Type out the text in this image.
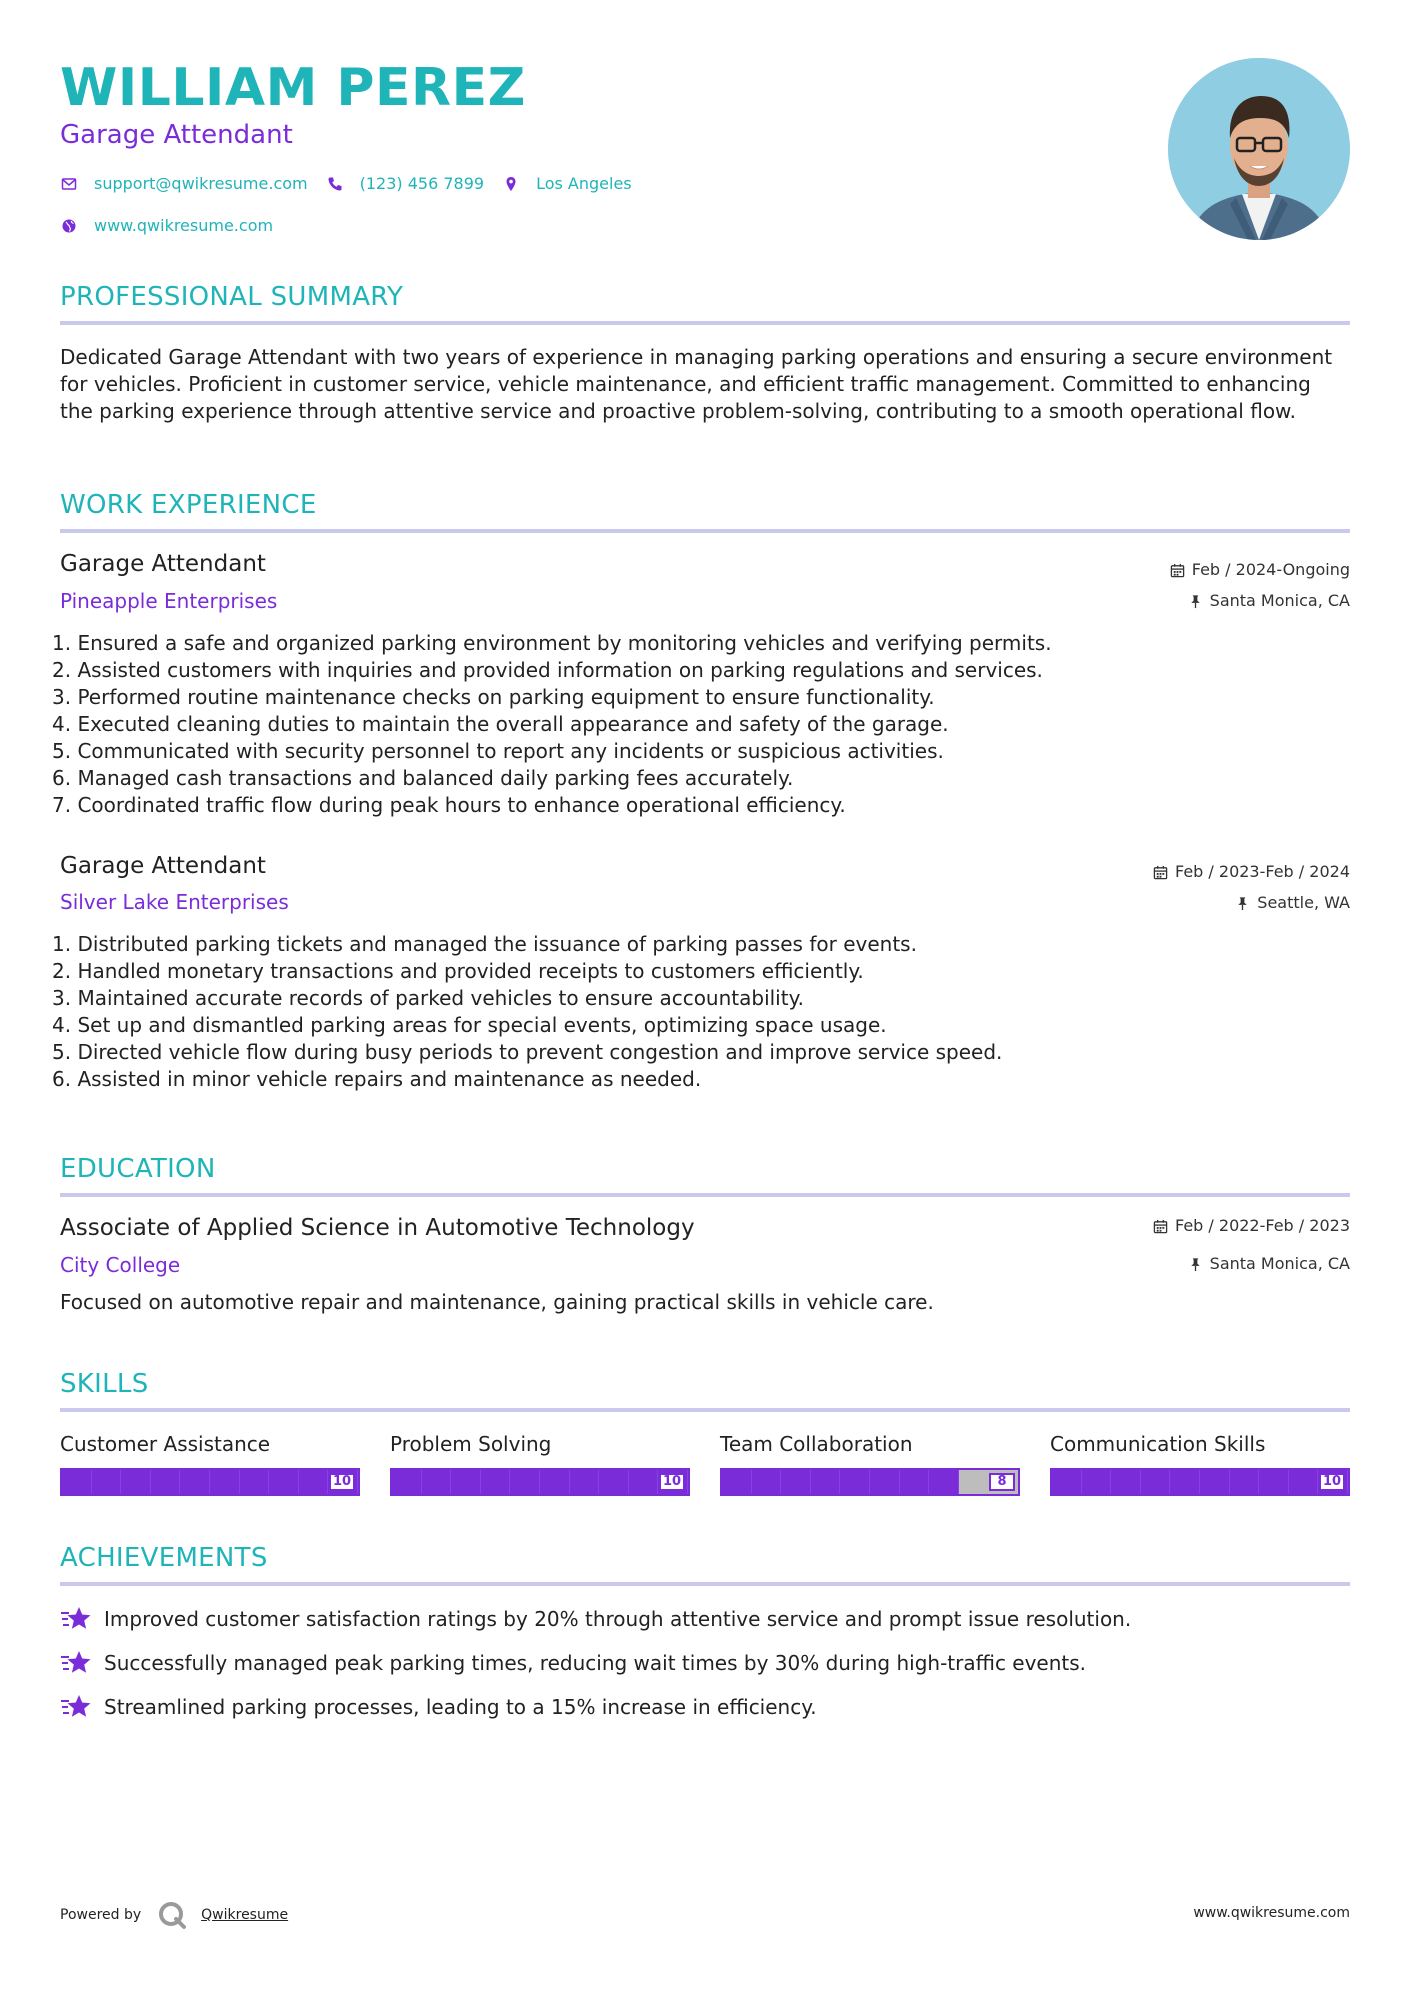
WILLIAM PEREZ
Garage Attendant
support@qwikresume.com	(123) 456 7899	Los Angeles
www.qwikresume.com
PROFESSIONAL SUMMARY
Dedicated Garage Attendant with two years of experience in managing parking operations and ensuring a secure environment for vehicles. Proficient in customer service, vehicle maintenance, and efficient traffic management. Committed to enhancing the parking experience through attentive service and proactive problem-solving, contributing to a smooth operational flow.
WORK EXPERIENCE
Garage Attendant
Pineapple Enterprises
Feb / 2024-Ongoing
Santa Monica, CA
1. Ensured a safe and organized parking environment by monitoring vehicles and verifying permits.
2. Assisted customers with inquiries and provided information on parking regulations and services.
3. Performed routine maintenance checks on parking equipment to ensure functionality.
4. Executed cleaning duties to maintain the overall appearance and safety of the garage.
5. Communicated with security personnel to report any incidents or suspicious activities.
6. Managed cash transactions and balanced daily parking fees accurately.
7. Coordinated traffic flow during peak hours to enhance operational efficiency.
Garage Attendant
Silver Lake Enterprises
Feb / 2023-Feb / 2024
Seattle, WA
1. Distributed parking tickets and managed the issuance of parking passes for events.
2. Handled monetary transactions and provided receipts to customers efficiently.
3. Maintained accurate records of parked vehicles to ensure accountability.
4. Set up and dismantled parking areas for special events, optimizing space usage.
5. Directed vehicle flow during busy periods to prevent congestion and improve service speed.
6. Assisted in minor vehicle repairs and maintenance as needed.
EDUCATION
Associate of Applied Science in Automotive Technology
City College
Feb / 2022-Feb / 2023
Santa Monica, CA
Focused on automotive repair and maintenance, gaining practical skills in vehicle care.
SKILLS
Customer Assistance
10
Problem Solving
10
Team Collaboration
8
Communication Skills
10
ACHIEVEMENTS
Improved customer satisfaction ratings by 20% through attentive service and prompt issue resolution.
Successfully managed peak parking times, reducing wait times by 30% during high-traffic events.
Streamlined parking processes, leading to a 15% increase in efficiency.
Powered by	Qwikresume	www.qwikresume.com
